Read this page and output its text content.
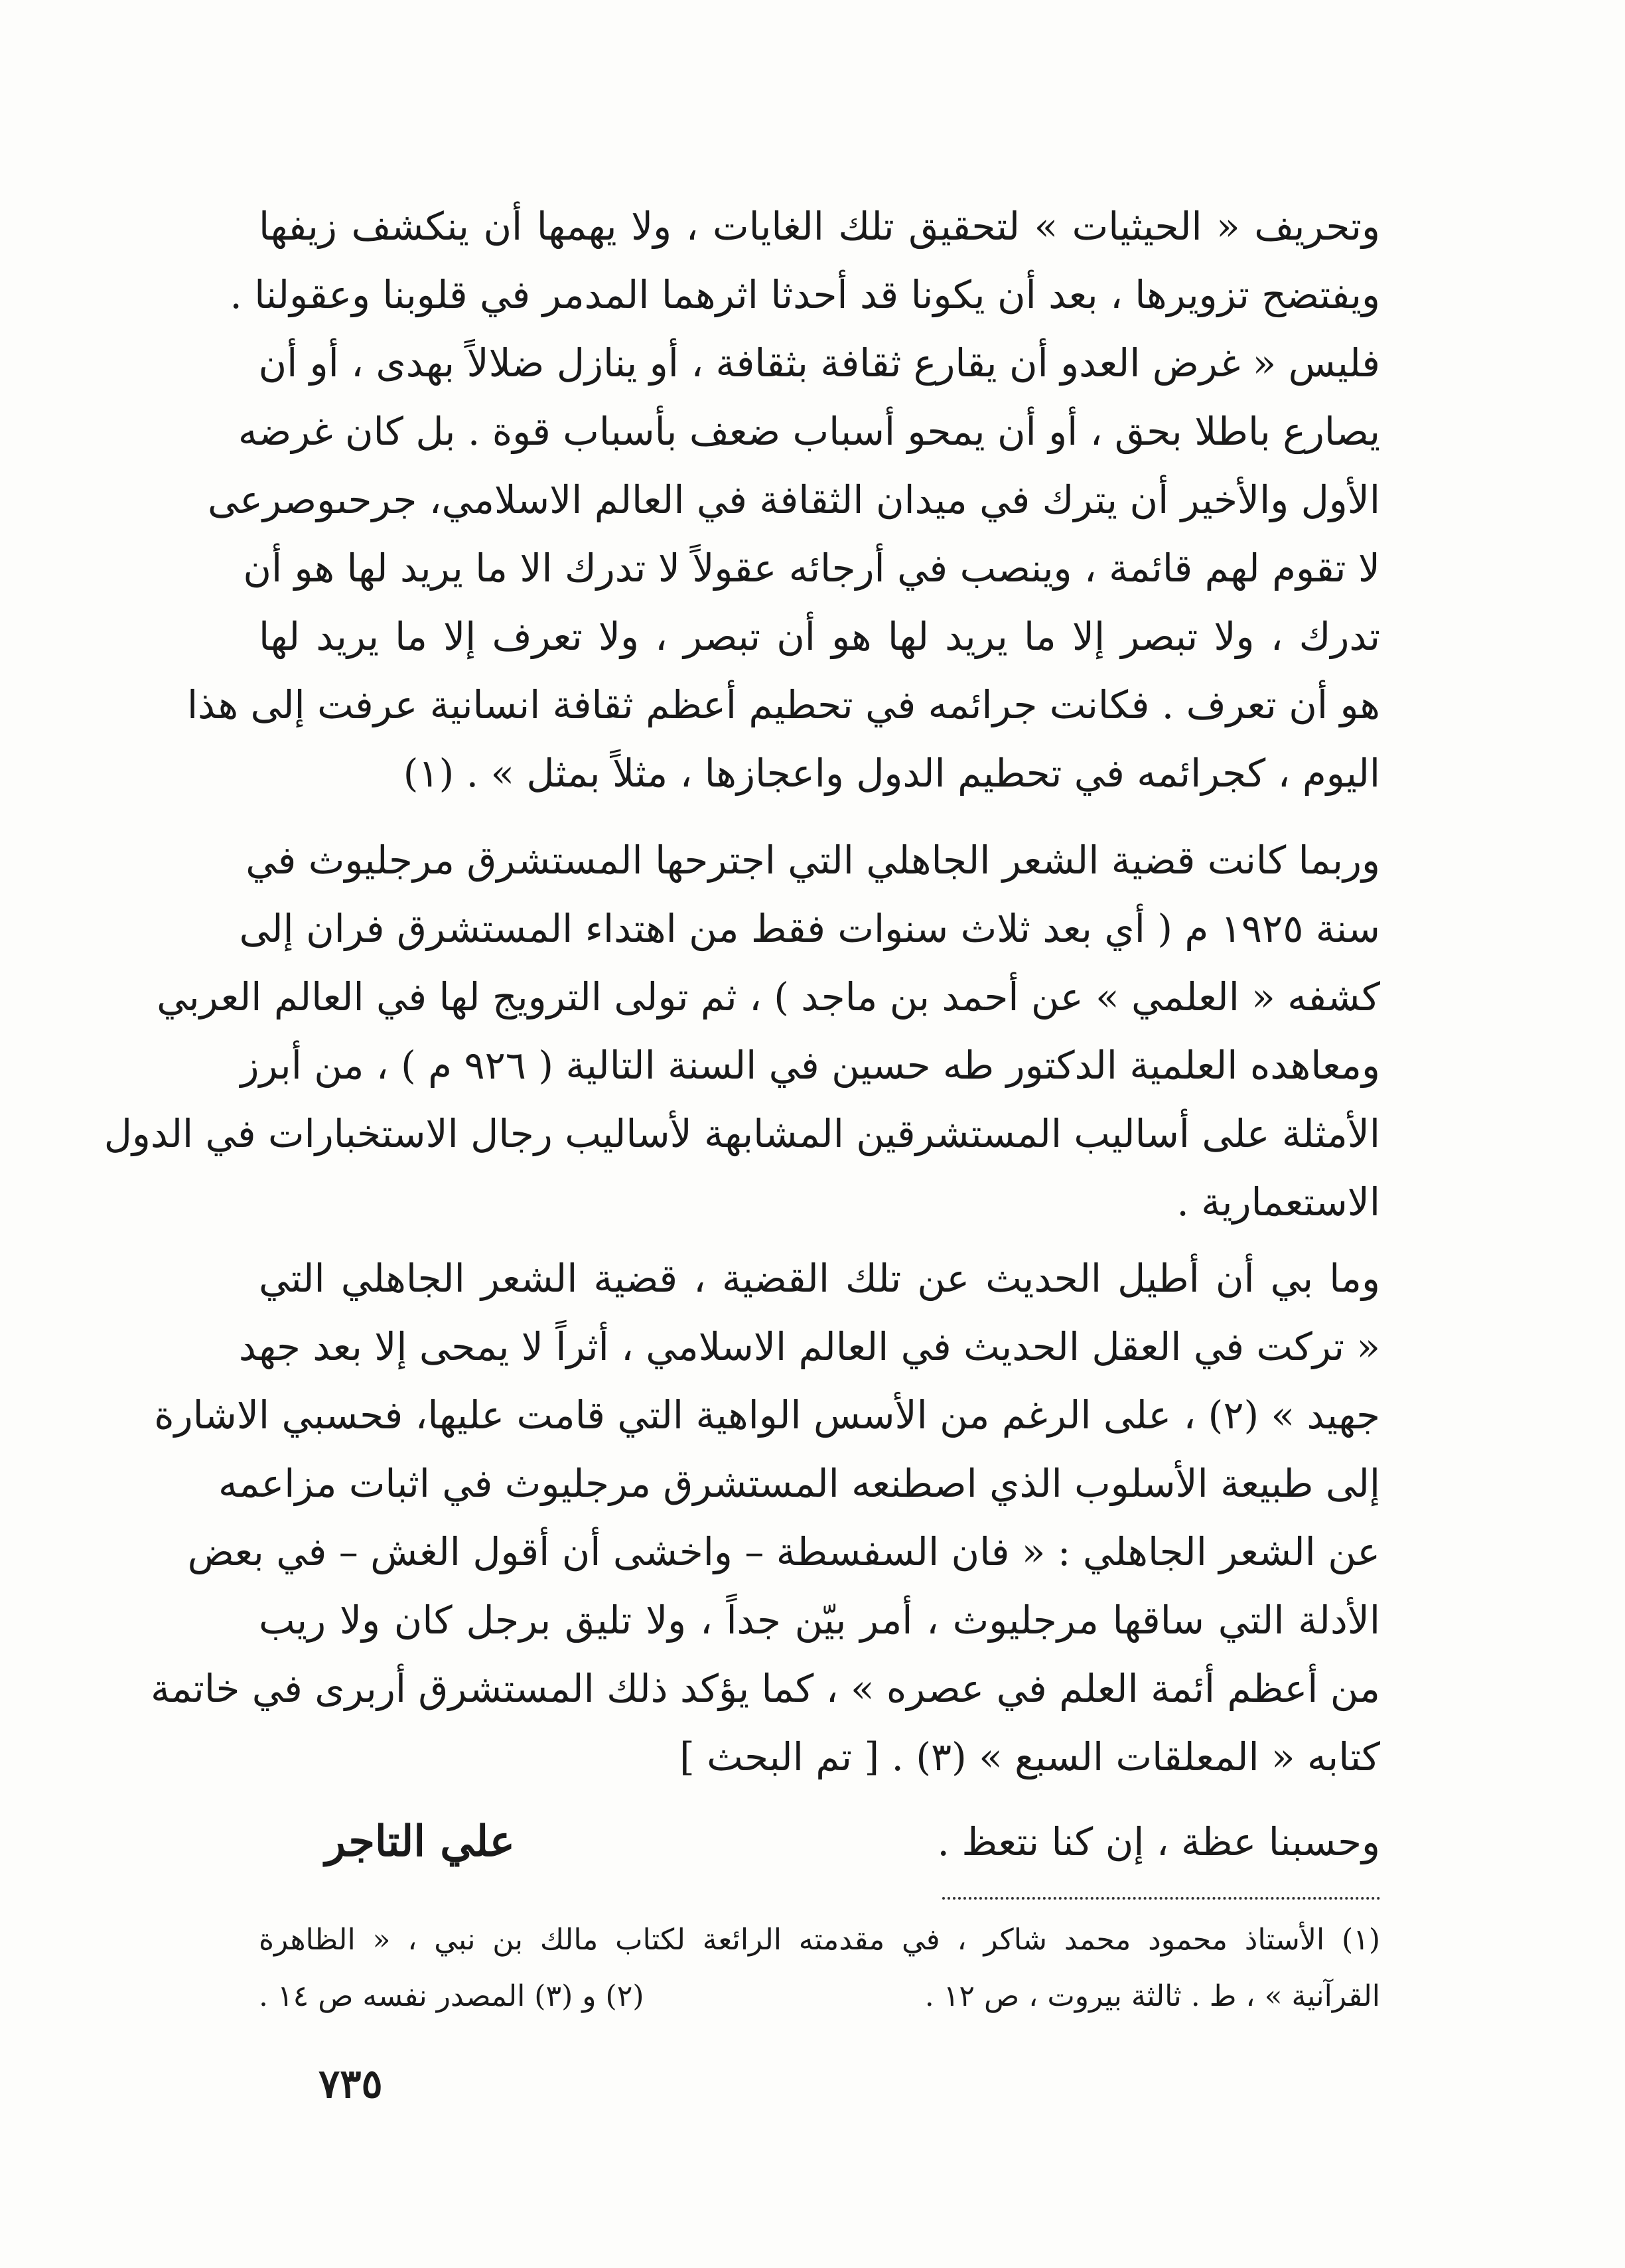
وتحريف « الحيثيات » لتحقيق تلك الغايات ، ولا يهمها أن ينكشف زيفها
ويفتضح تزويرها ، بعد أن يكونا قد أحدثا اثرهما المدمر في قلوبنا وعقولنا .
فليس « غرض العدو أن يقارع ثقافة بثقافة ، أو ينازل ضلالاً بهدى ، أو أن
يصارع باطلا بحق ، أو أن يمحو أسباب ضعف بأسباب قوة . بل كان غرضه
الأول والأخير أن يترك في ميدان الثقافة في العالم الاسلامي، جرحىوصرعى
لا تقوم لهم قائمة ، وينصب في أرجائه عقولاً لا تدرك الا ما يريد لها هو أن
تدرك ، ولا تبصر إلا ما يريد لها هو أن تبصر ، ولا تعرف إلا ما يريد لها
هو أن تعرف . فكانت جرائمه في تحطيم أعظم ثقافة انسانية عرفت إلى هذا
اليوم ، كجرائمه في تحطيم الدول واعجازها ، مثلاً بمثل » . (١)
وربما كانت قضية الشعر الجاهلي التي اجترحها المستشرق مرجليوث في
سنة ١٩٢٥ م ( أي بعد ثلاث سنوات فقط من اهتداء المستشرق فران إلى
كشفه « العلمي » عن أحمد بن ماجد ) ، ثم تولى الترويج لها في العالم العربي
ومعاهده العلمية الدكتور طه حسين في السنة التالية ( ٩٢٦ م ) ، من أبرز
الأمثلة على أساليب المستشرقين المشابهة لأساليب رجال الاستخبارات في الدول
الاستعمارية .
وما بي أن أطيل الحديث عن تلك القضية ، قضية الشعر الجاهلي التي
« تركت في العقل الحديث في العالم الاسلامي ، أثراً لا يمحى إلا بعد جهد
جهيد » (٢) ، على الرغم من الأسس الواهية التي قامت عليها، فحسبي الاشارة
إلى طبيعة الأسلوب الذي اصطنعه المستشرق مرجليوث في اثبات مزاعمه
عن الشعر الجاهلي : « فان السفسطة – واخشى أن أقول الغش – في بعض
الأدلة التي ساقها مرجليوث ، أمر بيّن جداً ، ولا تليق برجل كان ولا ريب
من أعظم أئمة العلم في عصره » ، كما يؤكد ذلك المستشرق أربرى في خاتمة
كتابه « المعلقات السبع » (٣) . [ تم البحث ]
وحسبنا عظة ، إن كنا نتعظ .
علي التاجر
(١) الأستاذ محمود محمد شاكر ، في مقدمته الرائعة لكتاب مالك بن نبي ، « الظاهرة
القرآنية » ، ط . ثالثة بيروت ، ص ١٢ .
(٢) و (٣) المصدر نفسه ص ١٤ .
٧٣٥
